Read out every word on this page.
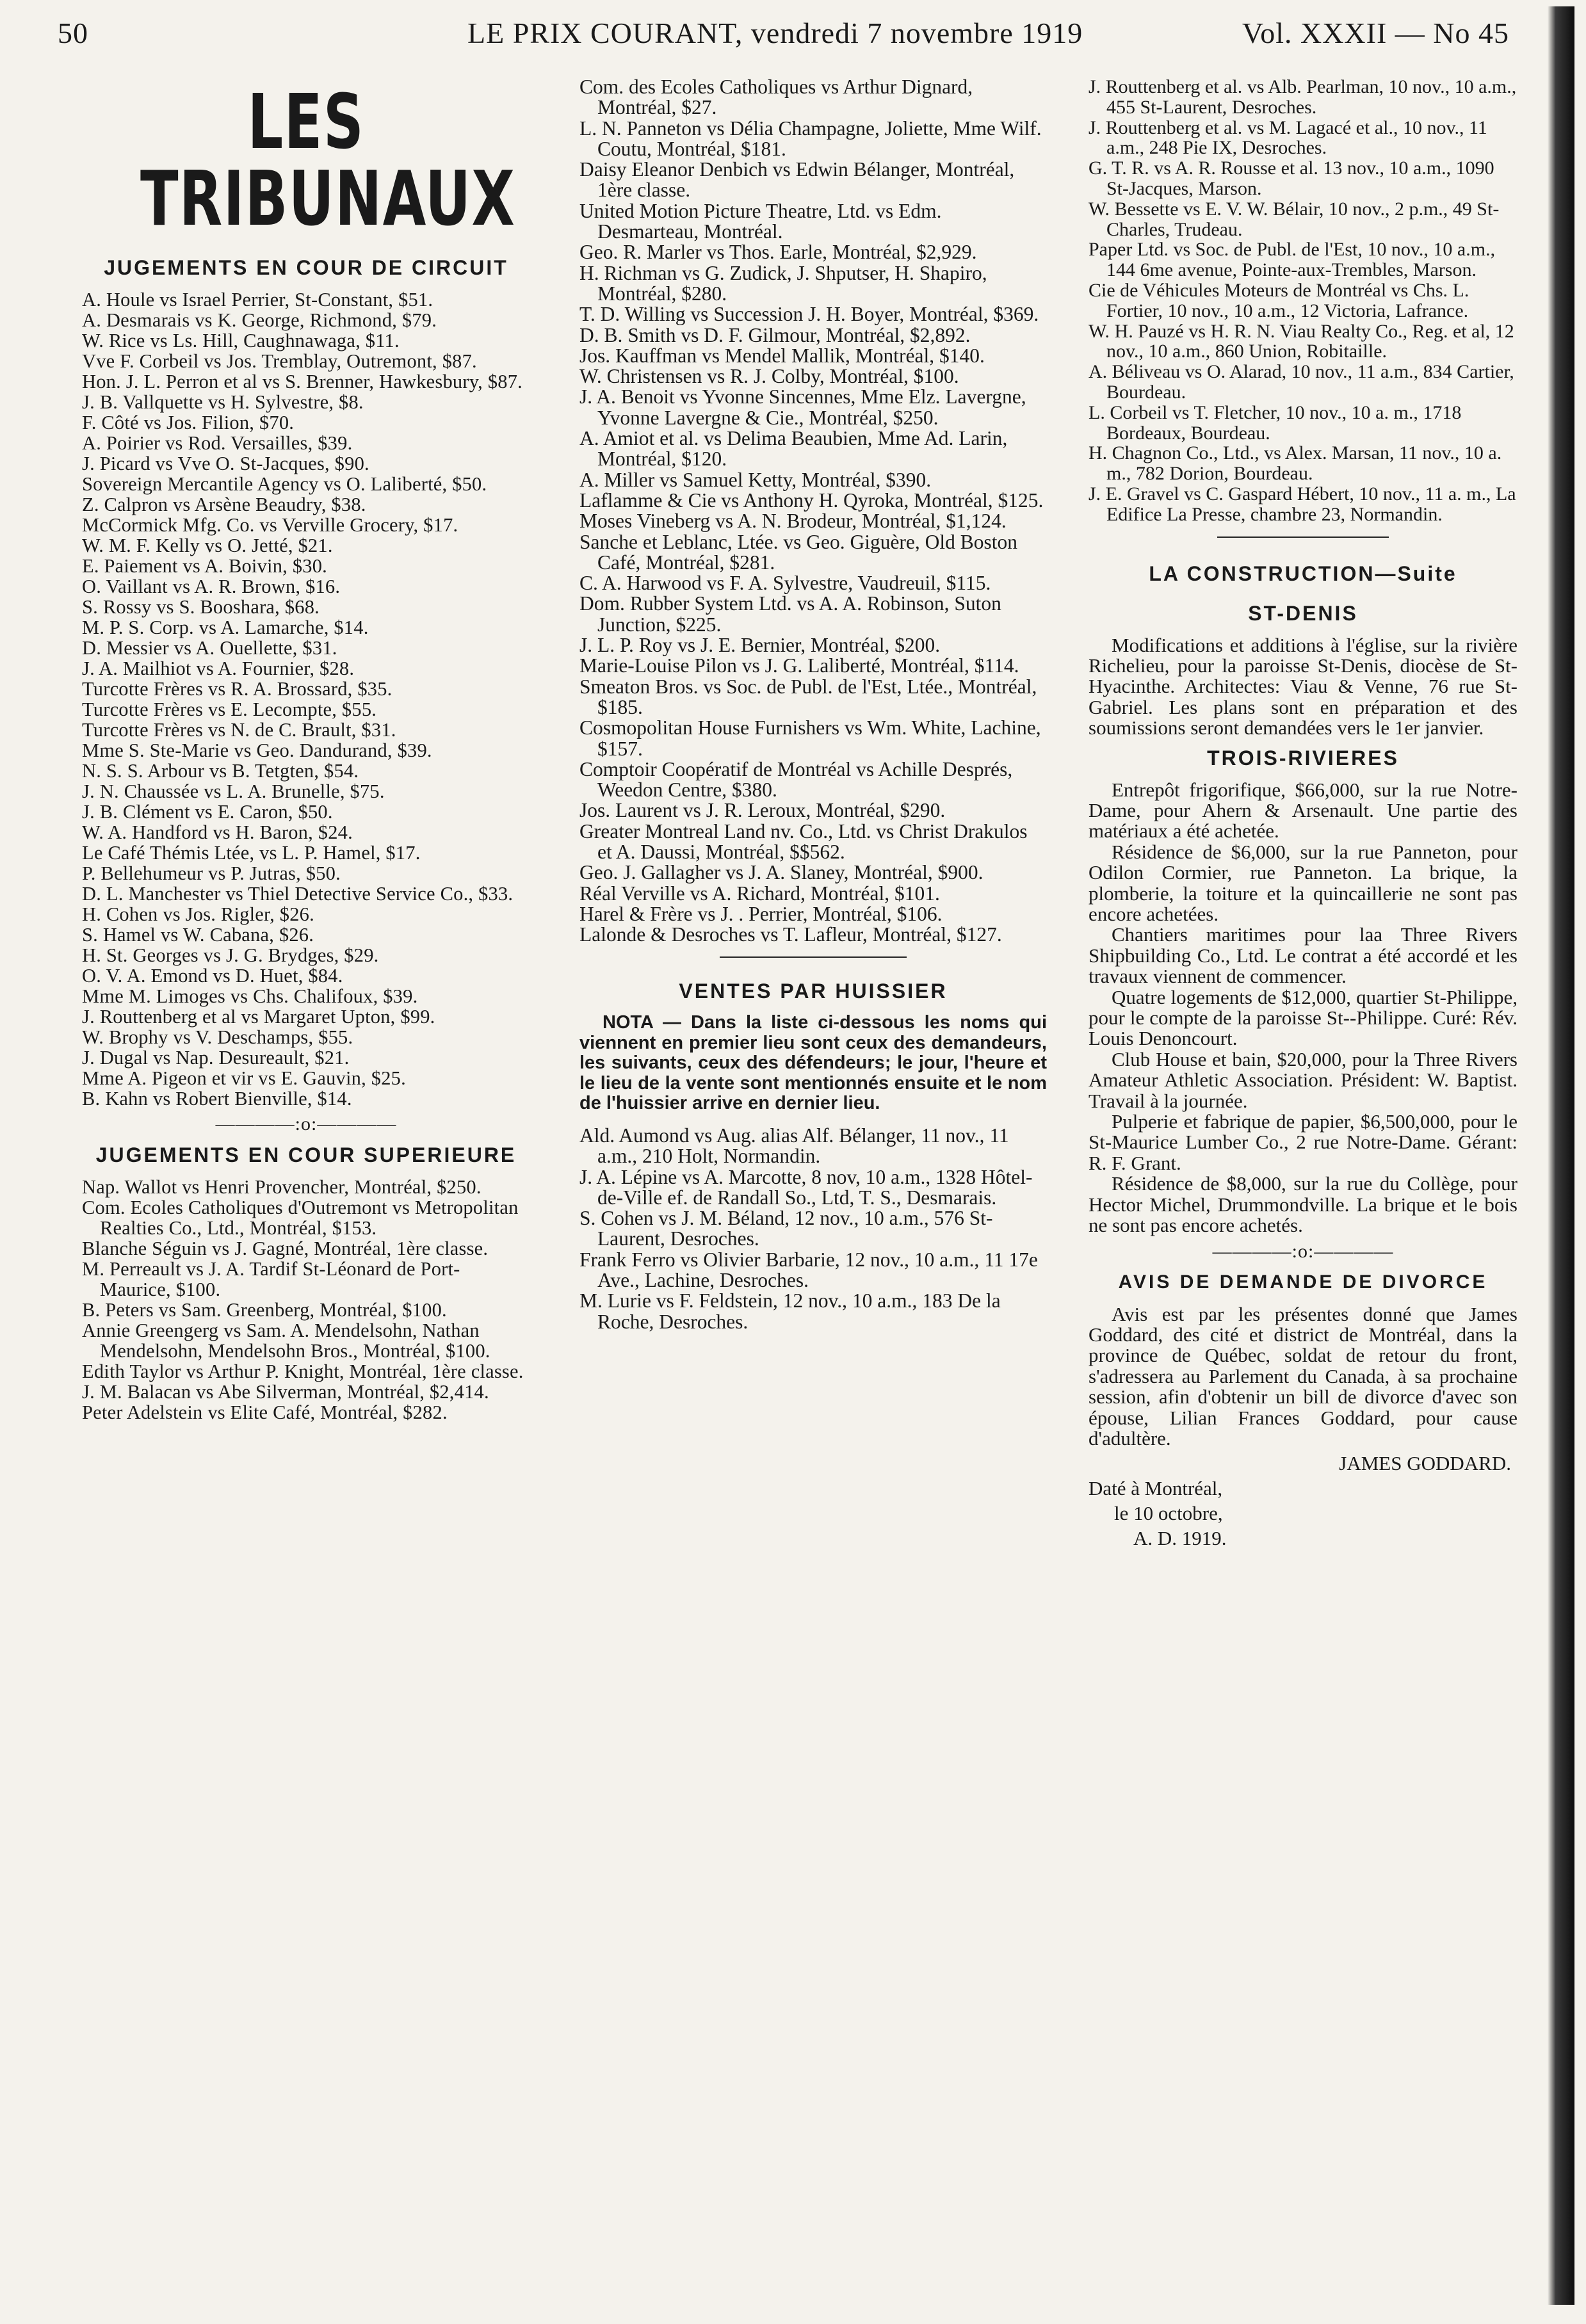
50	LE PRIX COURANT, vendredi 7 novembre 1919	Vol. XXXII — No 45
LES TRIBUNAUX
JUGEMENTS EN COUR DE CIRCUIT

A. Houle vs Israel Perrier, St-Constant, $51.

A. Desmarais vs K. George, Richmond, $79.

W. Rice vs Ls. Hill, Caughnawaga, $11.

Vve F. Corbeil vs Jos. Tremblay, Outremont, $87.

Hon. J. L. Perron et al vs S. Brenner, Hawkesbury, $87.

J. B. Vallquette vs H. Sylvestre, $8.

F. Côté vs Jos. Filion, $70.

A. Poirier vs Rod. Versailles, $39.

J. Picard vs Vve O. St-Jacques, $90.

Sovereign Mercantile Agency vs O. Laliberté, $50.

Z. Calpron vs Arsène Beaudry, $38.

McCormick Mfg. Co. vs Verville Grocery, $17.

W. M. F. Kelly vs O. Jetté, $21.

E. Paiement vs A. Boivin, $30.

O. Vaillant vs A. R. Brown, $16.

S. Rossy vs S. Booshara, $68.

M. P. S. Corp. vs A. Lamarche, $14.

D. Messier vs A. Ouellette, $31.

J. A. Mailhiot vs A. Fournier, $28.

Turcotte Frères vs R. A. Brossard, $35.

Turcotte Frères vs E. Lecompte, $55.

Turcotte Frères vs N. de C. Brault, $31.

Mme S. Ste-Marie vs Geo. Dandurand, $39.

N. S. S. Arbour vs B. Tetgten, $54.

J. N. Chaussée vs L. A. Brunelle, $75.

J. B. Clément vs E. Caron, $50.

W. A. Handford vs H. Baron, $24.

Le Café Thémis Ltée, vs L. P. Hamel, $17.

P. Bellehumeur vs P. Jutras, $50.

D. L. Manchester vs Thiel Detective Service Co., $33.

H. Cohen vs Jos. Rigler, $26.

S. Hamel vs W. Cabana, $26.

H. St. Georges vs J. G. Brydges, $29.

O. V. A. Emond vs D. Huet, $84.

Mme M. Limoges vs Chs. Chalifoux, $39.

J. Routtenberg et al vs Margaret Upton, $99.

W. Brophy vs V. Deschamps, $55.

J. Dugal vs Nap. Desureault, $21.

Mme A. Pigeon et vir vs E. Gauvin, $25.

B. Kahn vs Robert Bienville, $14.

————:o:————
JUGEMENTS EN COUR SUPERIEURE

Nap. Wallot vs Henri Provencher, Montréal, $250.

Com. Ecoles Catholiques d'Outremont vs Metropolitan Realties Co., Ltd., Montréal, $153.

Blanche Séguin vs J. Gagné, Montréal, 1ère classe.

M. Perreault vs J. A. Tardif St-Léonard de Port-Maurice, $100.

B. Peters vs Sam. Greenberg, Montréal, $100.

Annie Greengerg vs Sam. A. Mendelsohn, Nathan Mendelsohn, Mendelsohn Bros., Montréal, $100.

Edith Taylor vs Arthur P. Knight, Montréal, 1ère classe.

J. M. Balacan vs Abe Silverman, Montréal, $2,414.

Peter Adelstein vs Elite Café, Montréal, $282.

Com. des Ecoles Catholiques vs Arthur Dignard, Montréal, $27.

L. N. Panneton vs Délia Champagne, Joliette, Mme Wilf. Coutu, Montréal, $181.

Daisy Eleanor Denbich vs Edwin Bélanger, Montréal, 1ère classe.

United Motion Picture Theatre, Ltd. vs Edm. Desmarteau, Montréal.

Geo. R. Marler vs Thos. Earle, Montréal, $2,929.

H. Richman vs G. Zudick, J. Shputser, H. Shapiro, Montréal, $280.

T. D. Willing vs Succession J. H. Boyer, Montréal, $369.

D. B. Smith vs D. F. Gilmour, Montréal, $2,892.

Jos. Kauffman vs Mendel Mallik, Montréal, $140.

W. Christensen vs R. J. Colby, Montréal, $100.

J. A. Benoit vs Yvonne Sincennes, Mme Elz. Lavergne, Yvonne Lavergne & Cie., Montréal, $250.

A. Amiot et al. vs Delima Beaubien, Mme Ad. Larin, Montréal, $120.

A. Miller vs Samuel Ketty, Montréal, $390.

Laflamme & Cie vs Anthony H. Qyroka, Montréal, $125.

Moses Vineberg vs A. N. Brodeur, Montréal, $1,124.

Sanche et Leblanc, Ltée. vs Geo. Giguère, Old Boston Café, Montréal, $281.

C. A. Harwood vs F. A. Sylvestre, Vaudreuil, $115.

Dom. Rubber System Ltd. vs A. A. Robinson, Suton Junction, $225.

J. L. P. Roy vs J. E. Bernier, Montréal, $200.

Marie-Louise Pilon vs J. G. Laliberté, Montréal, $114.

Smeaton Bros. vs Soc. de Publ. de l'Est, Ltée., Montréal, $185.

Cosmopolitan House Furnishers vs Wm. White, Lachine, $157.

Comptoir Coopératif de Montréal vs Achille Després, Weedon Centre, $380.

Jos. Laurent vs J. R. Leroux, Montréal, $290.

Greater Montreal Land nv. Co., Ltd. vs Christ Drakulos et A. Daussi, Montréal, $$562.

Geo. J. Gallagher vs J. A. Slaney, Montréal, $900.

Réal Verville vs A. Richard, Montréal, $101.

Harel & Frère vs J. . Perrier, Montréal, $106.

Lalonde & Desroches vs T. Lafleur, Montréal, $127.

VENTES PAR HUISSIER
NOTA — Dans la liste ci-dessous les noms qui viennent en premier lieu sont ceux des demandeurs, les suivants, ceux des défendeurs; le jour, l'heure et le lieu de la vente sont mentionnés ensuite et le nom de l'huissier arrive en dernier lieu.

Ald. Aumond vs Aug. alias Alf. Bélanger, 11 nov., 11 a.m., 210 Holt, Normandin.

J. A. Lépine vs A. Marcotte, 8 nov, 10 a.m., 1328 Hôtel-de-Ville ef. de Randall So., Ltd, T. S., Desmarais.

S. Cohen vs J. M. Béland, 12 nov., 10 a.m., 576 St-Laurent, Desroches.

Frank Ferro vs Olivier Barbarie, 12 nov., 10 a.m., 11 17e Ave., Lachine, Desroches.

M. Lurie vs F. Feldstein, 12 nov., 10 a.m., 183 De la Roche, Desroches.

J. Routtenberg et al. vs Alb. Pearlman, 10 nov., 10 a.m., 455 St-Laurent, Desroches.

J. Routtenberg et al. vs M. Lagacé et al., 10 nov., 11 a.m., 248 Pie IX, Desroches.

G. T. R. vs A. R. Rousse et al. 13 nov., 10 a.m., 1090 St-Jacques, Marson.

W. Bessette vs E. V. W. Bélair, 10 nov., 2 p.m., 49 St-Charles, Trudeau.

Paper Ltd. vs Soc. de Publ. de l'Est, 10 nov., 10 a.m., 144 6me avenue, Pointe-aux-Trembles, Marson.

Cie de Véhicules Moteurs de Montréal vs Chs. L. Fortier, 10 nov., 10 a.m., 12 Victoria, Lafrance.

W. H. Pauzé vs H. R. N. Viau Realty Co., Reg. et al, 12 nov., 10 a.m., 860 Union, Robitaille.

A. Béliveau vs O. Alarad, 10 nov., 11 a.m., 834 Cartier, Bourdeau.

L. Corbeil vs T. Fletcher, 10 nov., 10 a. m., 1718 Bordeaux, Bourdeau.

H. Chagnon Co., Ltd., vs Alex. Marsan, 11 nov., 10 a. m., 782 Dorion, Bourdeau.

J. E. Gravel vs C. Gaspard Hébert, 10 nov., 11 a. m., La Edifice La Presse, chambre 23, Normandin.

LA CONSTRUCTION—Suite
ST-DENIS

Modifications et additions à l'église, sur la rivière Richelieu, pour la paroisse St-Denis, diocèse de St-Hyacinthe. Architectes: Viau & Venne, 76 rue St-Gabriel. Les plans sont en préparation et des soumissions seront demandées vers le 1er janvier.

TROIS-RIVIERES

Entrepôt frigorifique, $66,000, sur la rue Notre-Dame, pour Ahern & Arsenault. Une partie des matériaux a été achetée.

Résidence de $6,000, sur la rue Panneton, pour Odilon Cormier, rue Panneton. La brique, la plomberie, la toiture et la quincaillerie ne sont pas encore achetées.

Chantiers maritimes pour laa Three Rivers Shipbuilding Co., Ltd. Le contrat a été accordé et les travaux viennent de commencer.

Quatre logements de $12,000, quartier St-Philippe, pour le compte de la paroisse St--Philippe. Curé: Rév. Louis Denoncourt.

Club House et bain, $20,000, pour la Three Rivers Amateur Athletic Association. Président: W. Baptist. Travail à la journée.

Pulperie et fabrique de papier, $6,500,000, pour le St-Maurice Lumber Co., 2 rue Notre-Dame. Gérant: R. F. Grant.

Résidence de $8,000, sur la rue du Collège, pour Hector Michel, Drummondville. La brique et le bois ne sont pas encore achetés.

————:o:————
AVIS DE DEMANDE DE DIVORCE
Avis est par les présentes donné que James Goddard, des cité et district de Montréal, dans la province de Québec, soldat de retour du front, s'adressera au Parlement du Canada, à sa prochaine session, afin d'obtenir un bill de divorce d'avec son épouse, Lilian Frances Goddard, pour cause d'adultère.
JAMES GODDARD.
Daté à Montréal,
le 10 octobre,
A. D. 1919.
